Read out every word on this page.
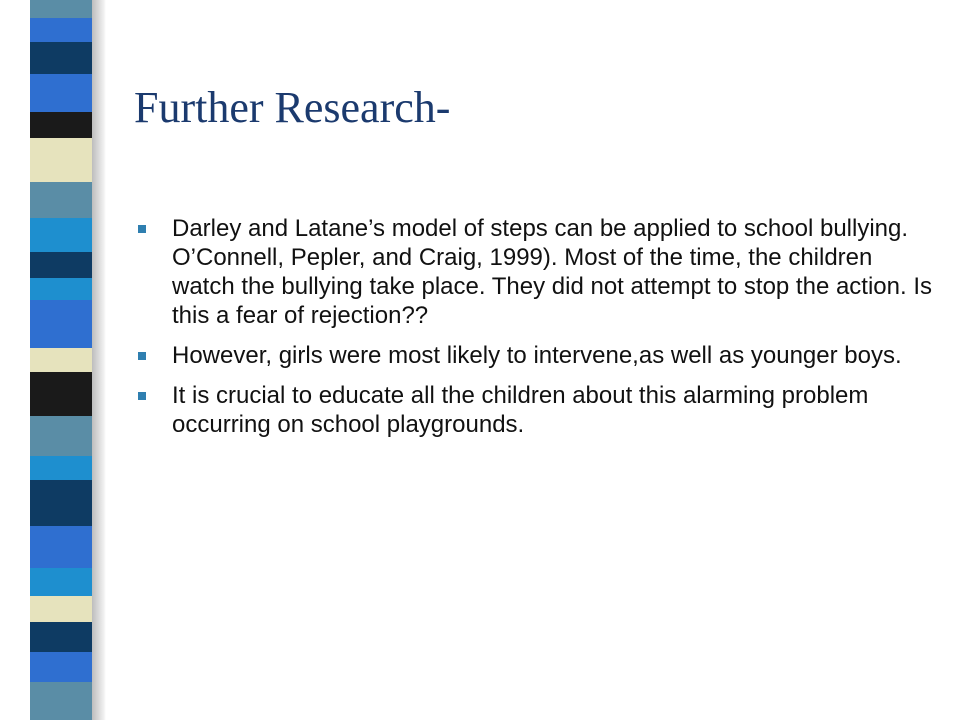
Further Research-
Darley and Latane’s model of steps can be applied to school bullying. O’Connell, Pepler, and Craig, 1999). Most of the time, the children watch the bullying take place. They did not attempt to stop the action. Is this a fear of rejection??
However, girls were most likely to intervene,as well as younger boys.
It is crucial to educate all the children about this alarming problem occurring on school playgrounds.
